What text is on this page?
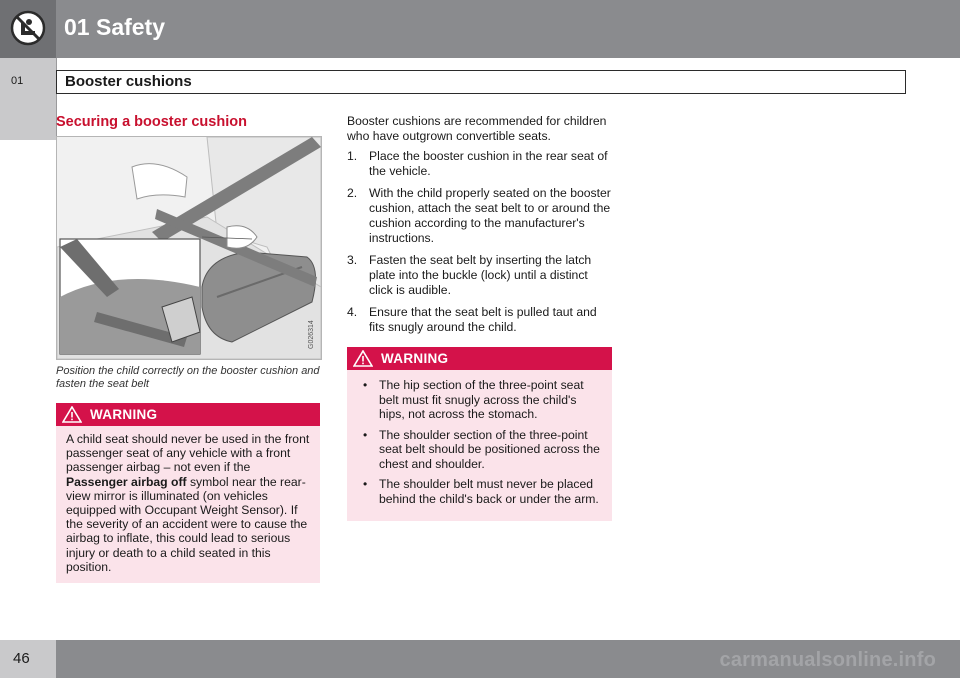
01 Safety
01	Booster cushions
Securing a booster cushion
G026314
Position the child correctly on the booster cushion and fasten the seat belt
WARNING
A child seat should never be used in the front passenger seat of any vehicle with a front passenger airbag – not even if the Passenger airbag off symbol near the rear-view mirror is illuminated (on vehicles equipped with Occupant Weight Sensor). If the severity of an accident were to cause the airbag to inflate, this could lead to serious injury or death to a child seated in this position.

Booster cushions are recommended for children who have outgrown convertible seats.

1. Place the booster cushion in the rear seat of the vehicle.
2. With the child properly seated on the booster cushion, attach the seat belt to or around the cushion according to the manufacturer's instructions.
3. Fasten the seat belt by inserting the latch plate into the buckle (lock) until a distinct click is audible.
4. Ensure that the seat belt is pulled taut and fits snugly around the child.
WARNING
• The hip section of the three-point seat belt must fit snugly across the child's hips, not across the stomach.
• The shoulder section of the three-point seat belt should be positioned across the chest and shoulder.
• The shoulder belt must never be placed behind the child's back or under the arm.
46	carmanualsonline.info
